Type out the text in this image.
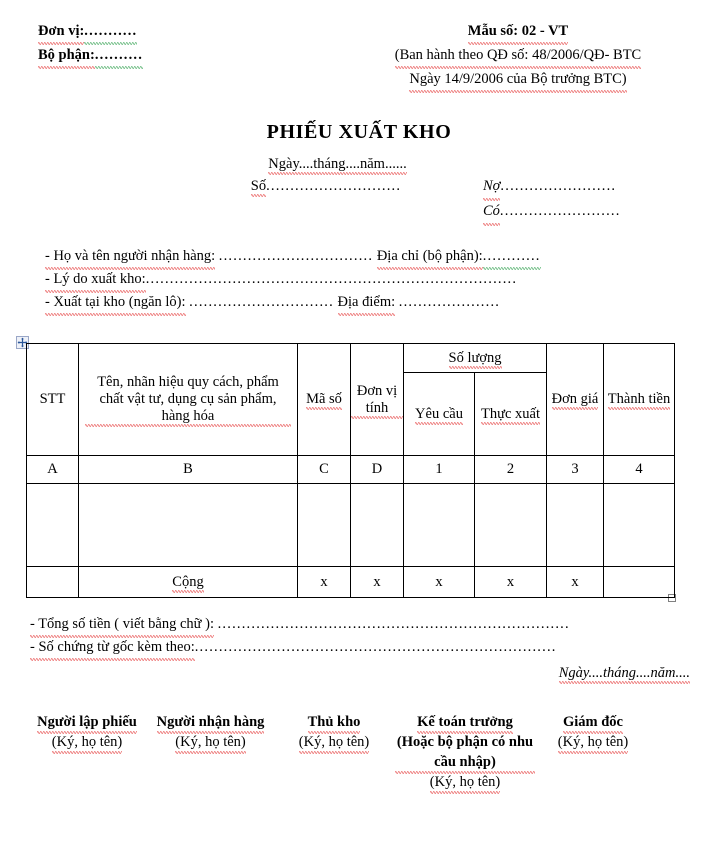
Đơn vị:...........
Bộ phận:..........
Mẫu số: 02 - VT
(Ban hành theo QĐ số: 48/2006/QĐ- BTC
Ngày 14/9/2006 của Bộ trưởng BTC)
PHIẾU XUẤT KHO
Ngày....tháng....năm......
Số............................	Nợ........................
Có.........................
- Họ và tên người nhận hàng: ................................ Địa chỉ (bộ phận):............
- Lý do xuất kho:.............................................................................
- Xuất tại kho (ngăn lô): .............................. Địa điểm: .....................
STT	Tên, nhãn hiệu quy cách, phẩm chất vật tư, dụng cụ sản phẩm, hàng hóa	Mã số	Đơn vị tính	Số lượng		Đơn giá	Thành tiền
				Yêu cầu	Thực xuất		
A	B	C	D	1	2	3	4

	Cộng	x	x	x	x	x	
- Tổng số tiền ( viết bằng chữ ): .........................................................................
- Số chứng từ gốc kèm theo:...........................................................................
Ngày....tháng....năm....
Người lập phiếu
(Ký, họ tên)
Người nhận hàng
(Ký, họ tên)
Thủ kho
(Ký, họ tên)
Kế toán trưởng
(Hoặc bộ phận có nhu cầu nhập)
(Ký, họ tên)
Giám đốc
(Ký, họ tên)
